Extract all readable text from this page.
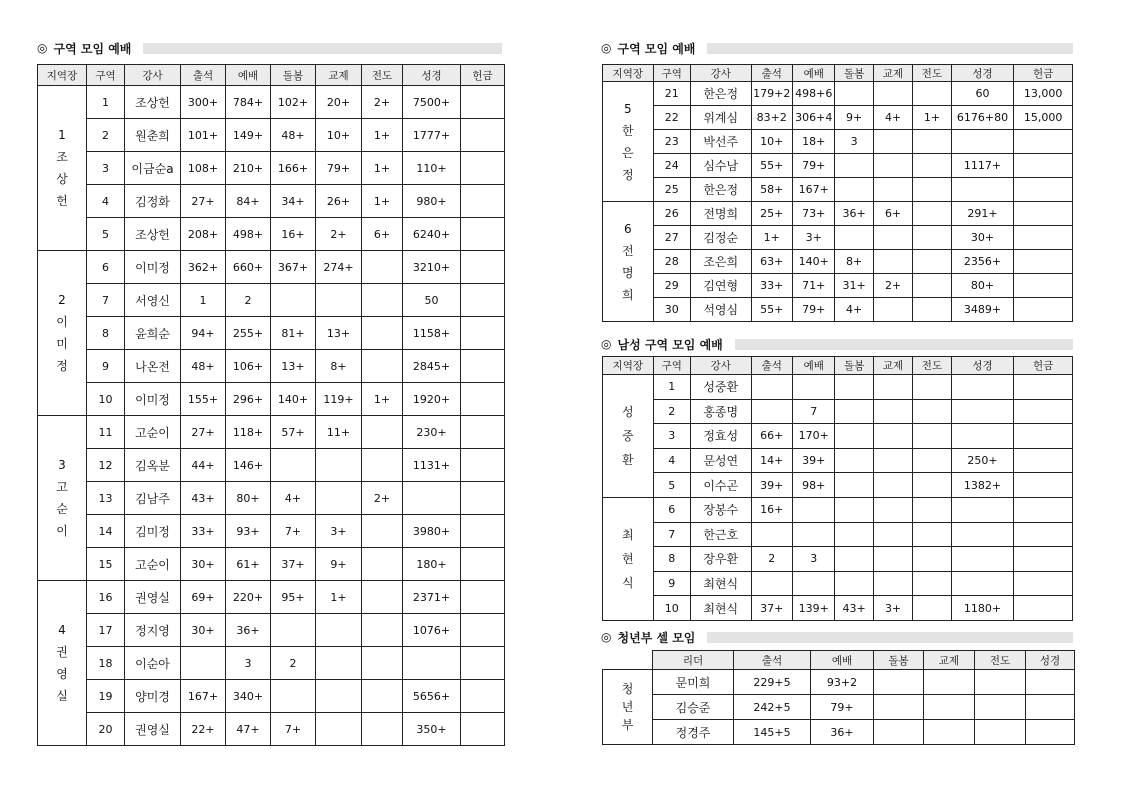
◎ 구역 모임 예배
지역장	구역	강사	출석	예배	돌봄	교제	전도	성경	헌금

1
조
상
헌	1	조상헌	300+	784+	102+	20+	2+	7500+	
	2	원춘희	101+	149+	48+	10+	1+	1777+	
	3	이금순a	108+	210+	166+	79+	1+	110+	
	4	김정화	27+	84+	34+	26+	1+	980+	
	5	조상헌	208+	498+	16+	2+	6+	6240+	

2
이
미
정	6	이미정	362+	660+	367+	274+		3210+	
	7	서영신	1	2				50	
	8	윤희순	94+	255+	81+	13+		1158+	
	9	나온전	48+	106+	13+	8+		2845+	
	10	이미정	155+	296+	140+	119+	1+	1920+	

3
고
순
이	11	고순이	27+	118+	57+	11+		230+	
	12	김옥분	44+	146+				1131+	
	13	김남주	43+	80+	4+		2+		
	14	김미정	33+	93+	7+	3+		3980+	
	15	고순이	30+	61+	37+	9+		180+	

4
권
영
실	16	권영실	69+	220+	95+	1+		2371+	
	17	정지영	30+	36+				1076+	
	18	이순아		3	2				
	19	양미경	167+	340+				5656+	
	20	권영실	22+	47+	7+			350+	
◎ 구역 모임 예배
지역장	구역	강사	출석	예배	돌봄	교제	전도	성경	헌금

5
한
은
정	21	한은정	179+2	498+6				60	13,000
	22	위계심	83+2	306+4	9+	4+	1+	6176+80	15,000
	23	박선주	10+	18+	3				
	24	심수남	55+	79+				1117+	
	25	한은정	58+	167+					

6
전
명
희	26	전명희	25+	73+	36+	6+		291+	
	27	김정순	1+	3+				30+	
	28	조은희	63+	140+	8+			2356+	
	29	김연형	33+	71+	31+	2+		80+	
	30	석영심	55+	79+	4+			3489+	
◎ 남성 구역 모임 예배
지역장	구역	강사	출석	예배	돌봄	교제	전도	성경	헌금

성
중
환	1	성중환							
	2	홍종명		7					
	3	정효성	66+	170+					
	4	문성연	14+	39+				250+	
	5	이수곤	39+	98+				1382+	

최
현
식	6	장봉수	16+						
	7	한근호							
	8	장우환	2	3					
	9	최현식							
	10	최현식	37+	139+	43+	3+		1180+	
◎ 청년부 셀 모임
	리더	출석	예배	돌봄	교제	전도	성경

청
년
부	문미희	229+5	93+2				
	김승준	242+5	79+				
	정경주	145+5	36+				
